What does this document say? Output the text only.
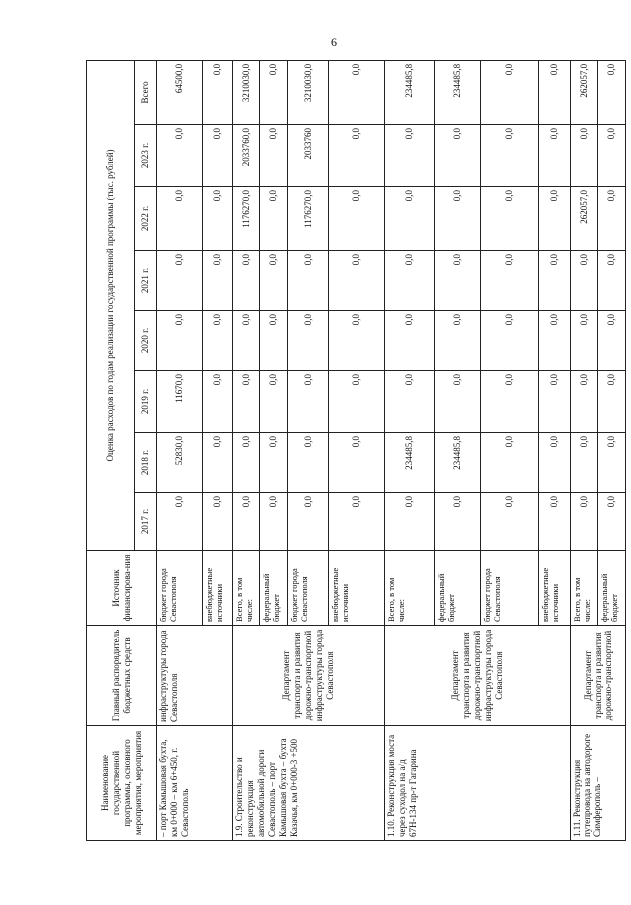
6
Наименование государственной программы, основного мероприятия, мероприятия	Главный распорядитель бюджетных средств	Источник финансирова-ния	Оценка расходов по годам реализации государственной программы (тыс. рублей)							
			2017 г.	2018 г.	2019 г.	2020 г.	2021 г.	2022 г.	2023 г.	Всего
– порт Камышовая бухта, км 0+000 – км 6+450, г. Севастополь	инфраструктуры города Севастополя	бюджет города Севастополя	0,0	52830,0	11670,0	0,0	0,0	0,0	0,0	64500,0
		внебюджетные источники	0,0	0,0	0,0	0,0	0,0	0,0	0,0	0,0
1.9. Строительство и реконструкция автомобильной дороги Севастополь – порт Камышовая бухта – бухта Казачья, км 0+000-3 +500	Департамент транспорта и развития дорожно-транспортной инфраструктуры города Севастополя	Всего, в том числе:	0,0	0,0	0,0	0,0	0,0	1176270,0	2033760,0	3210030,0
		федеральный бюджет	0,0	0,0	0,0	0,0	0,0	0,0	0,0	0,0
		бюджет города Севастополя	0,0	0,0	0,0	0,0	0,0	1176270,0	2033760	3210030,0
		внебюджетные источники	0,0	0,0	0,0	0,0	0,0	0,0	0,0	0,0
1.10. Реконструкция моста через суходол на а/д 67Н-134 пр-т Гагарина	Департамент транспорта и развития дорожно-транспортной инфраструктуры города Севастополя	Всего, в том числе:	0,0	234485,8	0,0	0,0	0,0	0,0	0,0	234485,8
		федеральный бюджет	0,0	234485,8	0,0	0,0	0,0	0,0	0,0	234485,8
		бюджет города Севастополя	0,0	0,0	0,0	0,0	0,0	0,0	0,0	0,0
		внебюджетные источники	0,0	0,0	0,0	0,0	0,0	0,0	0,0	0,0
1.11. Реконструкция путепровода на автодороге Симферополь –	Департамент транспорта и развития дорожно-транспортной	Всего, в том числе:	0,0	0,0	0,0	0,0	0,0	262057,0	0,0	262057,0
		федеральный бюджет	0,0	0,0	0,0	0,0	0,0	0,0	0,0	0,0
